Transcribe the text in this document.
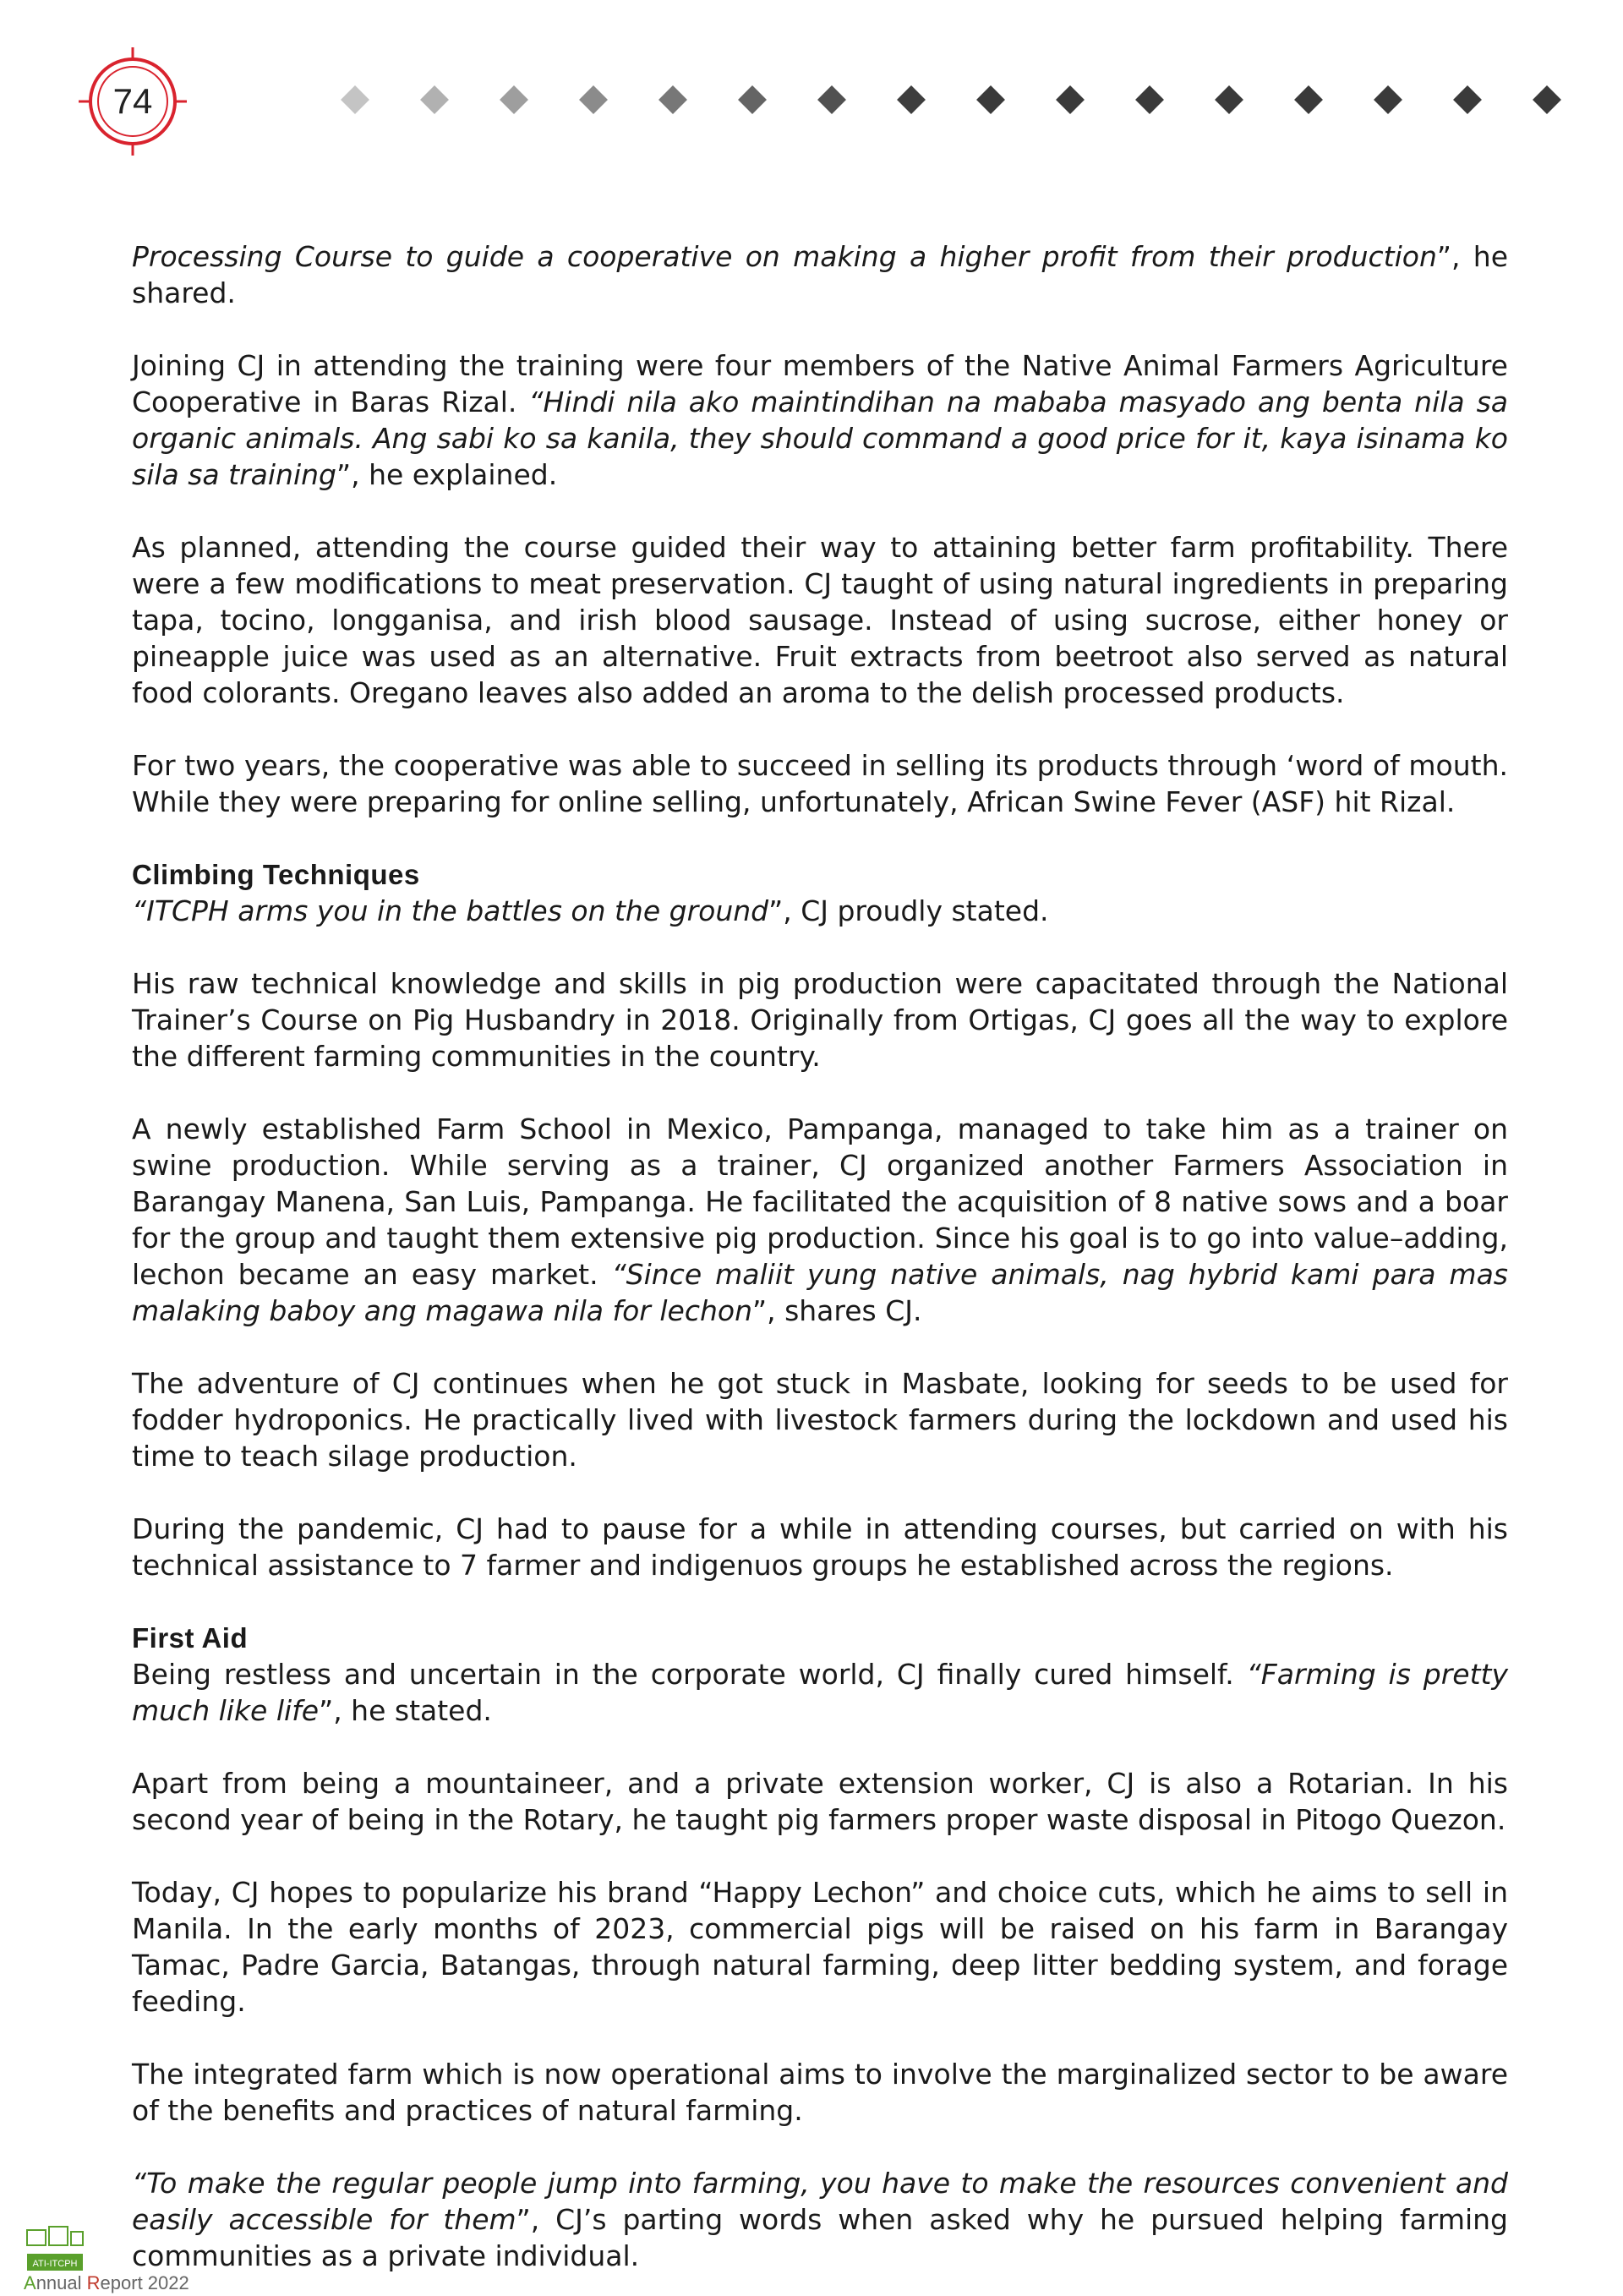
74

Processing Course to guide a cooperative on making a higher profit from their production”, he shared.

Joining CJ in attending the training were four members of the Native Animal Farmers Agriculture Cooperative in Baras Rizal. “Hindi nila ako maintindihan na mababa masyado ang benta nila sa organic animals. Ang sabi ko sa kanila, they should command a good price for it, kaya isinama ko sila sa training”, he explained.

As planned, attending the course guided their way to attaining better farm profitability. There were a few modifications to meat preservation. CJ taught of using natural ingredients in preparing tapa, tocino, longganisa, and irish blood sausage. Instead of using sucrose, either honey or pineapple juice was used as an alternative. Fruit extracts from beetroot also served as natural food colorants. Oregano leaves also added an aroma to the delish processed products.

For two years, the cooperative was able to succeed in selling its products through ‘word of mouth. While they were preparing for online selling, unfortunately, African Swine Fever (ASF) hit Rizal.

Climbing Techniques

“ITCPH arms you in the battles on the ground”, CJ proudly stated.

His raw technical knowledge and skills in pig production were capacitated through the National Trainer’s Course on Pig Husbandry in 2018. Originally from Ortigas, CJ goes all the way to explore the different farming communities in the country.

A newly established Farm School in Mexico, Pampanga, managed to take him as a trainer on swine production. While serving as a trainer, CJ organized another Farmers Association in Barangay Manena, San Luis, Pampanga. He facilitated the acquisition of 8 native sows and a boar for the group and taught them extensive pig production. Since his goal is to go into value–adding, lechon became an easy market. “Since maliit yung native animals, nag hybrid kami para mas malaking baboy ang magawa nila for lechon”, shares CJ.

The adventure of CJ continues when he got stuck in Masbate, looking for seeds to be used for fodder hydroponics. He practically lived with livestock farmers during the lockdown and used his time to teach silage production.

During the pandemic, CJ had to pause for a while in attending courses, but carried on with his technical assistance to 7 farmer and indigenuos groups he established across the regions.

First Aid

Being restless and uncertain in the corporate world, CJ finally cured himself. “Farming is pretty much like life”, he stated.

Apart from being a mountaineer, and a private extension worker, CJ is also a Rotarian. In his second year of being in the Rotary, he taught pig farmers proper waste disposal in Pitogo Quezon.

Today, CJ hopes to popularize his brand “Happy Lechon” and choice cuts, which he aims to sell in Manila. In the early months of 2023, commercial pigs will be raised on his farm in Barangay Tamac, Padre Garcia, Batangas, through natural farming, deep litter bedding system, and forage feeding.

The integrated farm which is now operational aims to involve the marginalized sector to be aware of the benefits and practices of natural farming.

“To make the regular people jump into farming, you have to make the resources convenient and easily accessible for them”, CJ’s parting words when asked why he pursued helping farming communities as a private individual.

ATI-ITCPH
Annual Report 2022
